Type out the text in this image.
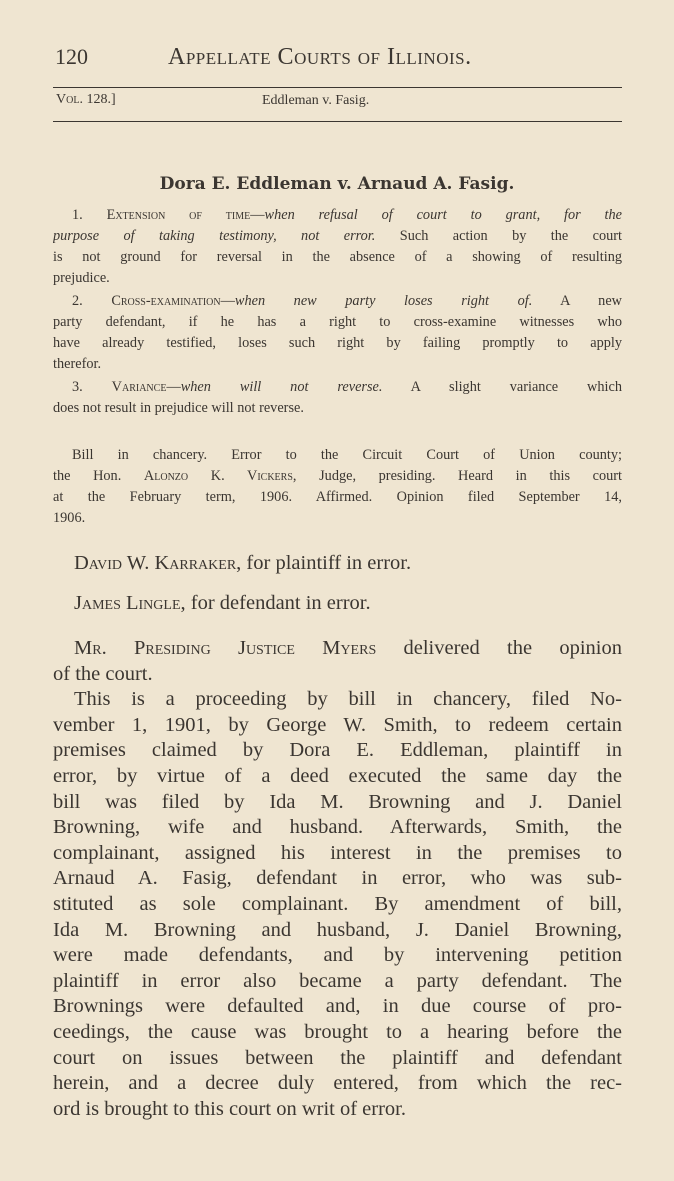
120	Appellate Courts of Illinois.
Vol. 128.]	Eddleman v. Fasig.
Dora E. Eddleman v. Arnaud A. Fasig.
1. Extension of time—when refusal of court to grant, for the
purpose of taking testimony, not error. Such action by the court
is not ground for reversal in the absence of a showing of resulting
prejudice.
2. Cross-examination—when new party loses right of. A new
party defendant, if he has a right to cross-examine witnesses who
have already testified, loses such right by failing promptly to apply
therefor.
3. Variance—when will not reverse. A slight variance which
does not result in prejudice will not reverse.
Bill in chancery. Error to the Circuit Court of Union county;
the Hon. Alonzo K. Vickers, Judge, presiding. Heard in this court
at the February term, 1906. Affirmed. Opinion filed September 14,
1906.
David W. Karraker, for plaintiff in error.
James Lingle, for defendant in error.
Mr. Presiding Justice Myers delivered the opinion
of the court.
This is a proceeding by bill in chancery, filed No-
vember 1, 1901, by George W. Smith, to redeem certain
premises claimed by Dora E. Eddleman, plaintiff in
error, by virtue of a deed executed the same day the
bill was filed by Ida M. Browning and J. Daniel
Browning, wife and husband. Afterwards, Smith, the
complainant, assigned his interest in the premises to
Arnaud A. Fasig, defendant in error, who was sub-
stituted as sole complainant. By amendment of bill,
Ida M. Browning and husband, J. Daniel Browning,
were made defendants, and by intervening petition
plaintiff in error also became a party defendant. The
Brownings were defaulted and, in due course of pro-
ceedings, the cause was brought to a hearing before the
court on issues between the plaintiff and defendant
herein, and a decree duly entered, from which the rec-
ord is brought to this court on writ of error.
